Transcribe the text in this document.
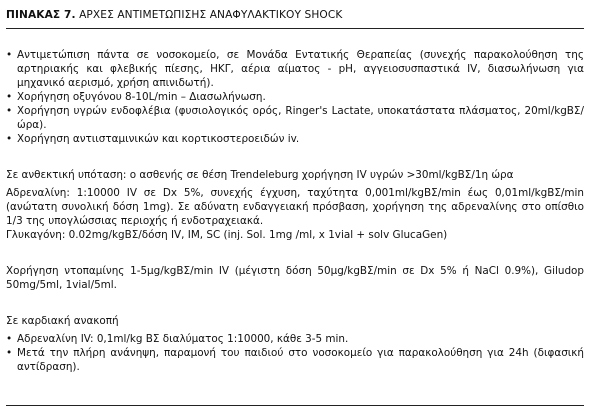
ΠΙΝΑΚΑΣ 7. ΑΡΧΕΣ ΑΝΤΙΜΕΤΩΠΙΣΗΣ ΑΝΑΦΥΛΑΚΤΙΚΟΥ SHOCK

• Αντιμετώπιση πάντα σε νοσοκομείο, σε Μονάδα Εντατικής Θεραπείας (συνεχής παρακολούθηση της αρτηριακής και φλεβικής πίεσης, ΗΚΓ, αέρια αίματος - pH, αγγειοσυσπαστικά IV, διασωλήνωση για μηχανικό αερισμό, χρήση απινιδωτή).

• Χορήγηση οξυγόνου 8-10L/min – Διασωλήνωση.

• Χορήγηση υγρών ενδοφλέβια (φυσιολογικός ορός, Ringer's Lactate, υποκατάστατα πλάσματος, 20ml/kgΒΣ/ώρα).

• Χορήγηση αντιισταμινικών και κορτικοστεροειδών iv.

Σε ανθεκτική υπόταση: ο ασθενής σε θέση Trendeleburg χορήγηση IV υγρών >30ml/kgΒΣ/1η ώρα

Αδρεναλίνη: 1:10000 IV σε Dx 5%, συνεχής έγχυση, ταχύτητα 0,001ml/kgΒΣ/min έως 0,01ml/kgΒΣ/min (ανώτατη συνολική δόση 1mg). Σε αδύνατη ενδαγγειακή πρόσβαση, χορήγηση της αδρεναλίνης στο οπίσθιο 1/3 της υπογλώσσιας περιοχής ή ενδοτραχειακά.

Γλυκαγόνη: 0.02mg/kgΒΣ/δόση IV, IM, SC (inj. Sol. 1mg /ml, x 1vial + solv GlucaGen)

Χορήγηση ντοπαμίνης 1-5μg/kgΒΣ/min IV (μέγιστη δόση 50μg/kgΒΣ/min σε Dx 5% ή NaCl 0.9%), Giludop 50mg/5ml, 1vial/5ml.

Σε καρδιακή ανακοπή

• Αδρεναλίνη IV: 0,1ml/kg ΒΣ διαλύματος 1:10000, κάθε 3-5 min.

• Μετά την πλήρη ανάνηψη, παραμονή του παιδιού στο νοσοκομείο για παρακολούθηση για 24h (διφασική αντίδραση).
